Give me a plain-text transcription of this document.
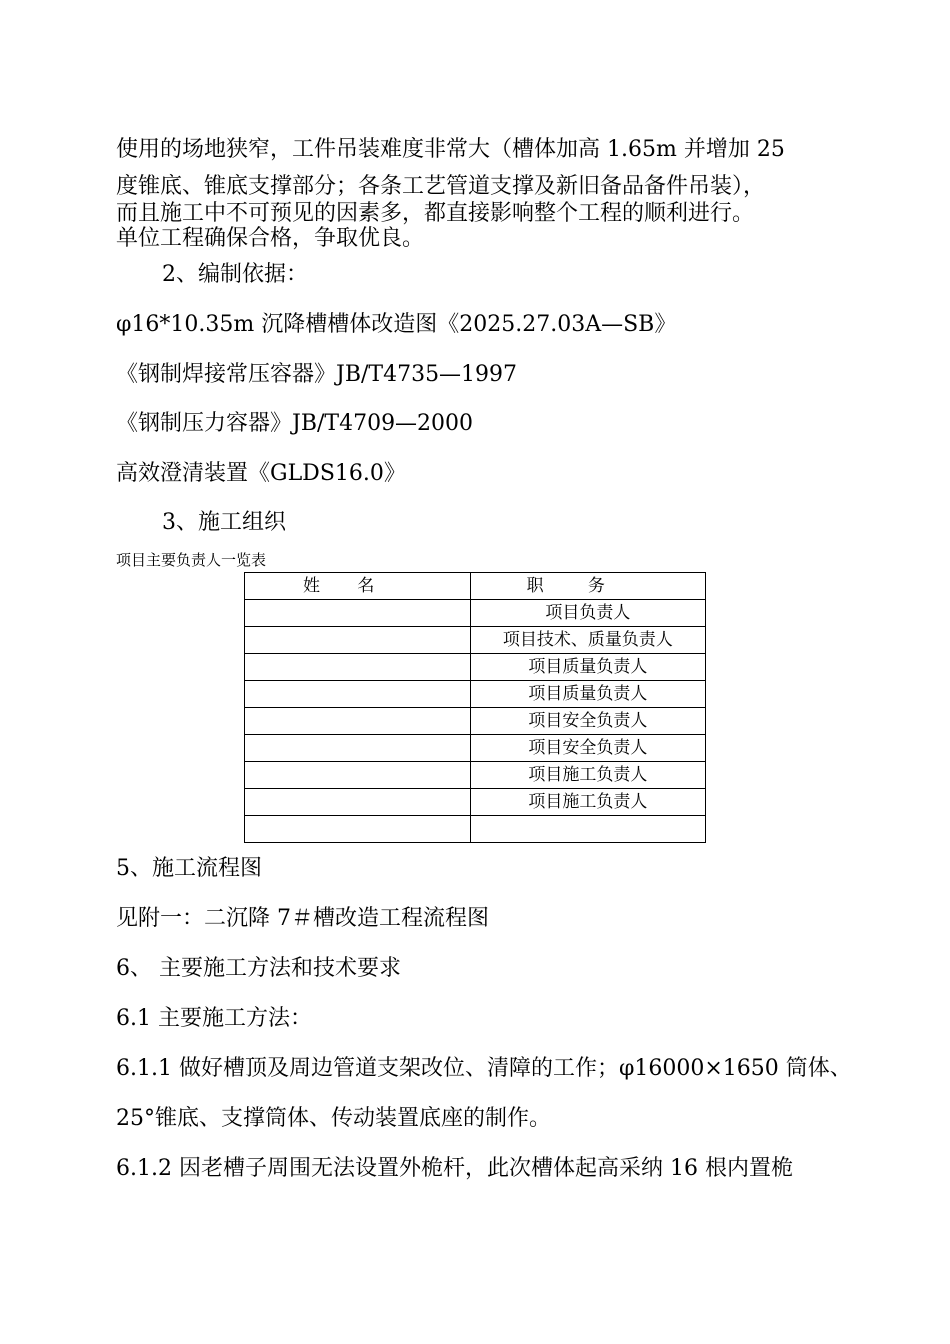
使用的场地狭窄，工件吊装难度非常大（槽体加高 1.65m 并增加 25
度锥底、锥底支撑部分；各条工艺管道支撑及新旧备品备件吊装），
而且施工中不可预见的因素多，都直接影响整个工程的顺利进行。
单位工程确保合格，争取优良。
2、编制依据：
φ16*10.35m 沉降槽槽体改造图《2025.27.03A—SB》
《钢制焊接常压容器》JB/T4735—1997
《钢制压力容器》JB/T4709—2000
高效澄清装置《GLDS16.0》
3、施工组织
项目主要负责人一览表
姓名	职务
	项目负责人
	项目技术、质量负责人
	项目质量负责人
	项目质量负责人
	项目安全负责人
	项目安全负责人
	项目施工负责人
	项目施工负责人

5、施工流程图
见附一：二沉降 7＃槽改造工程流程图
6、 主要施工方法和技术要求
6.1 主要施工方法：
6.1.1 做好槽顶及周边管道支架改位、清障的工作；φ16000×1650 筒体、
25°锥底、支撑筒体、传动装置底座的制作。
6.1.2 因老槽子周围无法设置外桅杆，此次槽体起高采纳 16 根内置桅
